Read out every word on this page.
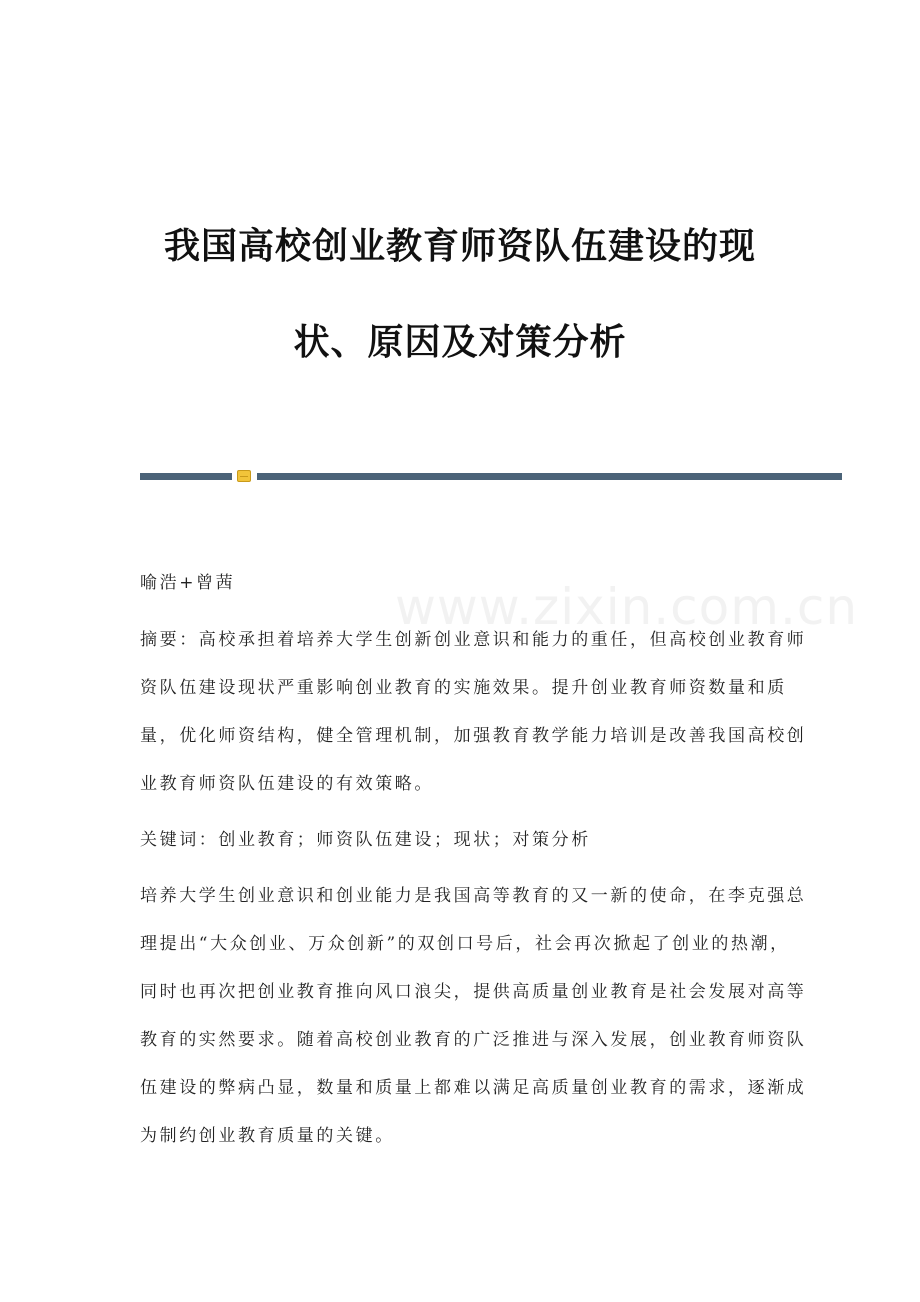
我国高校创业教育师资队伍建设的现
状、原因及对策分析
www.zixin.com.cn
喻浩+曾茜
摘要：高校承担着培养大学生创新创业意识和能力的重任，但高校创业教育师
资队伍建设现状严重影响创业教育的实施效果。提升创业教育师资数量和质
量，优化师资结构，健全管理机制，加强教育教学能力培训是改善我国高校创
业教育师资队伍建设的有效策略。
关键词：创业教育；师资队伍建设；现状；对策分析
培养大学生创业意识和创业能力是我国高等教育的又一新的使命，在李克强总
理提出“大众创业、万众创新”的双创口号后，社会再次掀起了创业的热潮，
同时也再次把创业教育推向风口浪尖，提供高质量创业教育是社会发展对高等
教育的实然要求。随着高校创业教育的广泛推进与深入发展，创业教育师资队
伍建设的弊病凸显，数量和质量上都难以满足高质量创业教育的需求，逐渐成
为制约创业教育质量的关键。
